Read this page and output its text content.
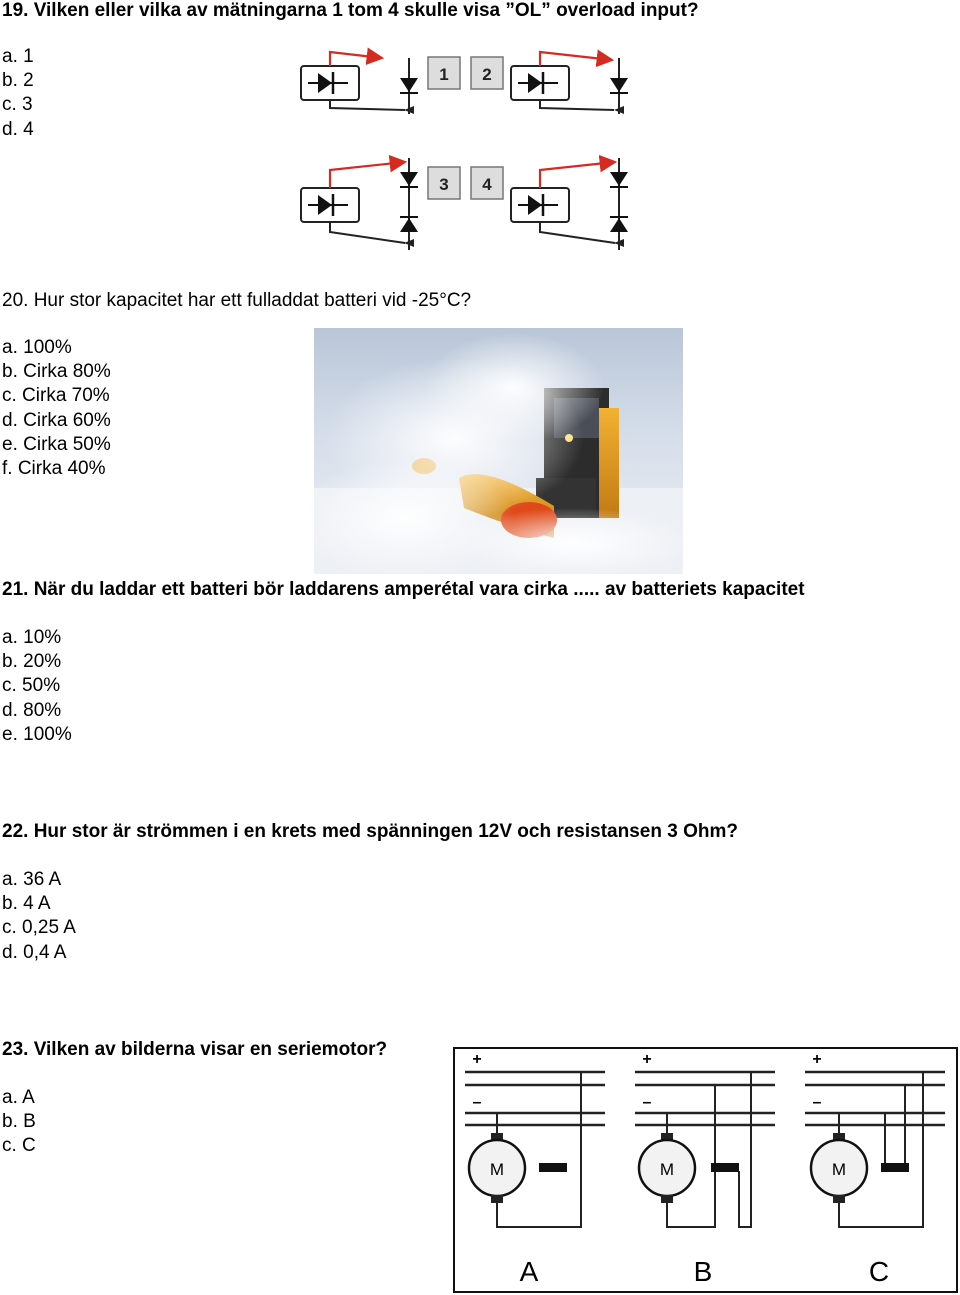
19. Vilken eller vilka av mätningarna 1 tom 4 skulle visa ”OL” overload input?
a. 1
b. 2
c. 3
d. 4
1 2
3 4
20. Hur stor kapacitet har ett fulladdat batteri vid -25°C?
a. 100%
b. Cirka 80%
c. Cirka 70%
d. Cirka 60%
e. Cirka 50%
f. Cirka 40%
21. När du laddar ett batteri bör laddarens amperétal vara cirka ..... av batteriets kapacitet
a. 10%
b. 20%
c. 50%
d. 80%
e. 100%
22. Hur stor är strömmen i en krets med spänningen 12V och resistansen 3 Ohm?
a. 36 A
b. 4 A
c. 0,25 A
d. 0,4 A
23. Vilken av bilderna visar en seriemotor?
a. A
b. B
c. C
+
–
M
A
+
–
M
B
+
–
M
C
